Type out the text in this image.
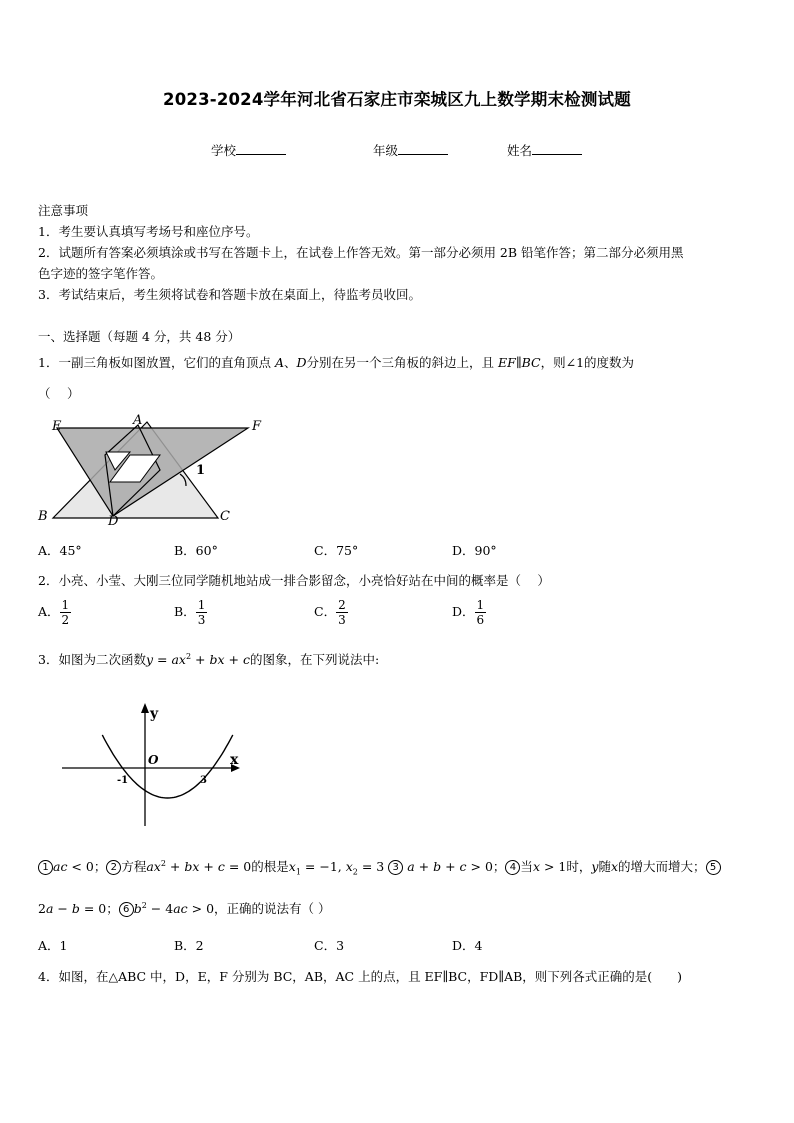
2023-2024学年河北省石家庄市栾城区九上数学期末检测试题
学校	年级	姓名
注意事项
1．考生要认真填写考场号和座位序号。
2．试题所有答案必须填涂或书写在答题卡上，在试卷上作答无效。第一部分必须用 2B 铅笔作答；第二部分必须用黑
色字迹的签字笔作答。
3．考试结束后，考生须将试卷和答题卡放在桌面上，待监考员收回。
一、选择题（每题 4 分，共 48 分）
1．一副三角板如图放置，它们的直角顶点 A、D分别在另一个三角板的斜边上，且 EF∥BC，则∠1的度数为
（　 ）
E	A	F
B	D	C
1
A．45°	B．60°	C．75°	D．90°
2．小亮、小莹、大刚三位同学随机地站成一排合影留念，小亮恰好站在中间的概率是（　 ）
A． $\frac{1}{2}$	B． $\frac{1}{3}$	C． $\frac{2}{3}$	D． $\frac{1}{6}$
3．如图为二次函数$y = ax^2$ + bx + c的图象，在下列说法中:
y
x
O
-1	3
1 ac < 0； 2 方程$ax^2$ + bx + c = 0的根是$x_1 = -1$, $x_2 = 3$ 3 a + b + c > 0； 4 当x > 1时，y随x的增大而增大； 5
2a − b = 0； 6 $b^2 - 4ac > 0$，正确的说法有（ ）
A．1	B．2	C．3	D．4
4．如图，在△ABC 中，D，E，F 分别为 BC，AB，AC 上的点，且 EF∥BC，FD∥AB，则下列各式正确的是(　　)
